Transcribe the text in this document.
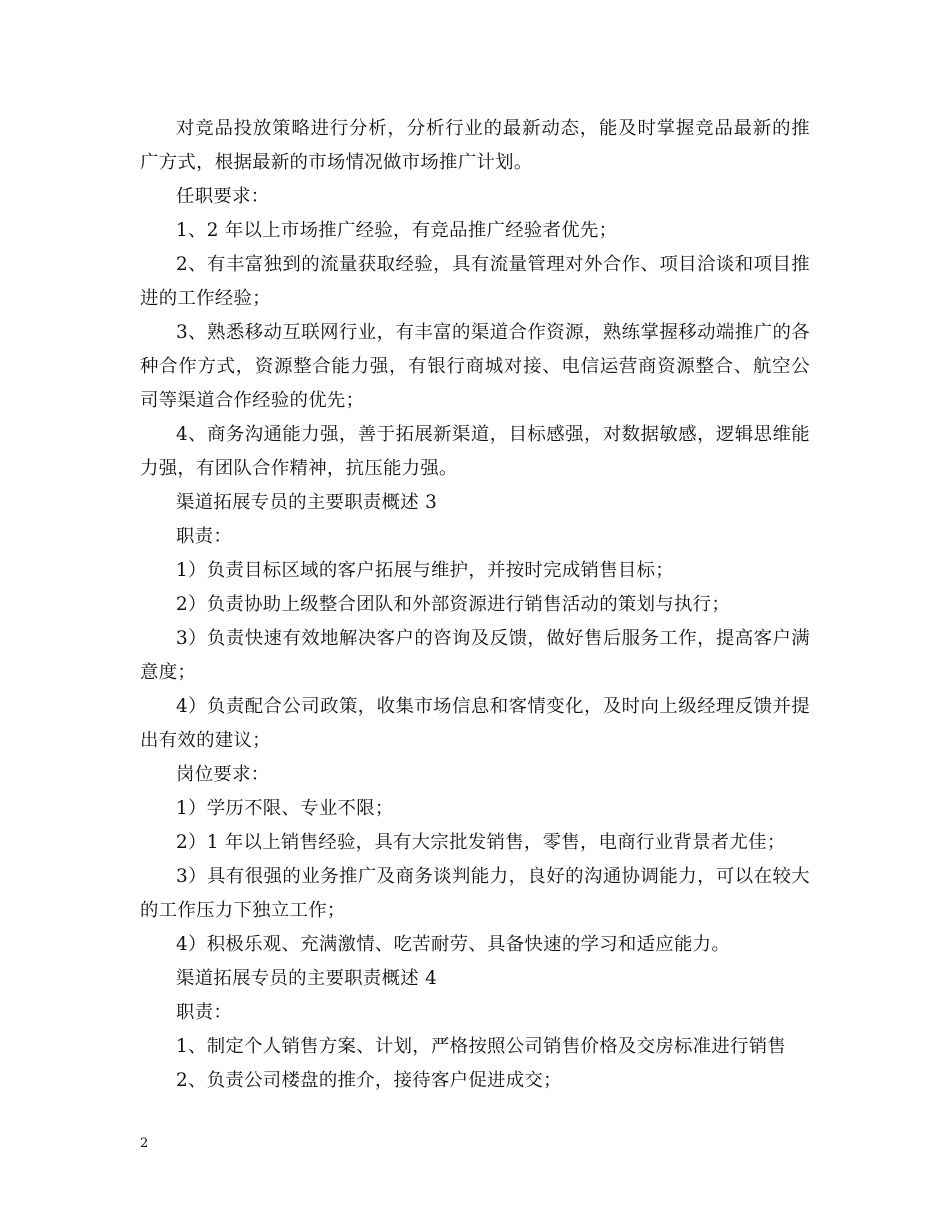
对竞品投放策略进行分析，分析行业的最新动态，能及时掌握竞品最新的推广方式，根据最新的市场情况做市场推广计划。

任职要求：

1、2 年以上市场推广经验，有竞品推广经验者优先；

2、有丰富独到的流量获取经验，具有流量管理对外合作、项目洽谈和项目推进的工作经验；

3、熟悉移动互联网行业，有丰富的渠道合作资源，熟练掌握移动端推广的各种合作方式，资源整合能力强，有银行商城对接、电信运营商资源整合、航空公司等渠道合作经验的优先；

4、商务沟通能力强，善于拓展新渠道，目标感强，对数据敏感，逻辑思维能力强，有团队合作精神，抗压能力强。

渠道拓展专员的主要职责概述 3

职责：

1）负责目标区域的客户拓展与维护，并按时完成销售目标；

2）负责协助上级整合团队和外部资源进行销售活动的策划与执行；

3）负责快速有效地解决客户的咨询及反馈，做好售后服务工作，提高客户满意度；

4）负责配合公司政策，收集市场信息和客情变化，及时向上级经理反馈并提出有效的建议；

岗位要求：

1）学历不限、专业不限；

2）1 年以上销售经验，具有大宗批发销售，零售，电商行业背景者尤佳；

3）具有很强的业务推广及商务谈判能力，良好的沟通协调能力，可以在较大的工作压力下独立工作；

4）积极乐观、充满激情、吃苦耐劳、具备快速的学习和适应能力。

渠道拓展专员的主要职责概述 4

职责：

1、制定个人销售方案、计划，严格按照公司销售价格及交房标准进行销售

2、负责公司楼盘的推介，接待客户促进成交；

2
